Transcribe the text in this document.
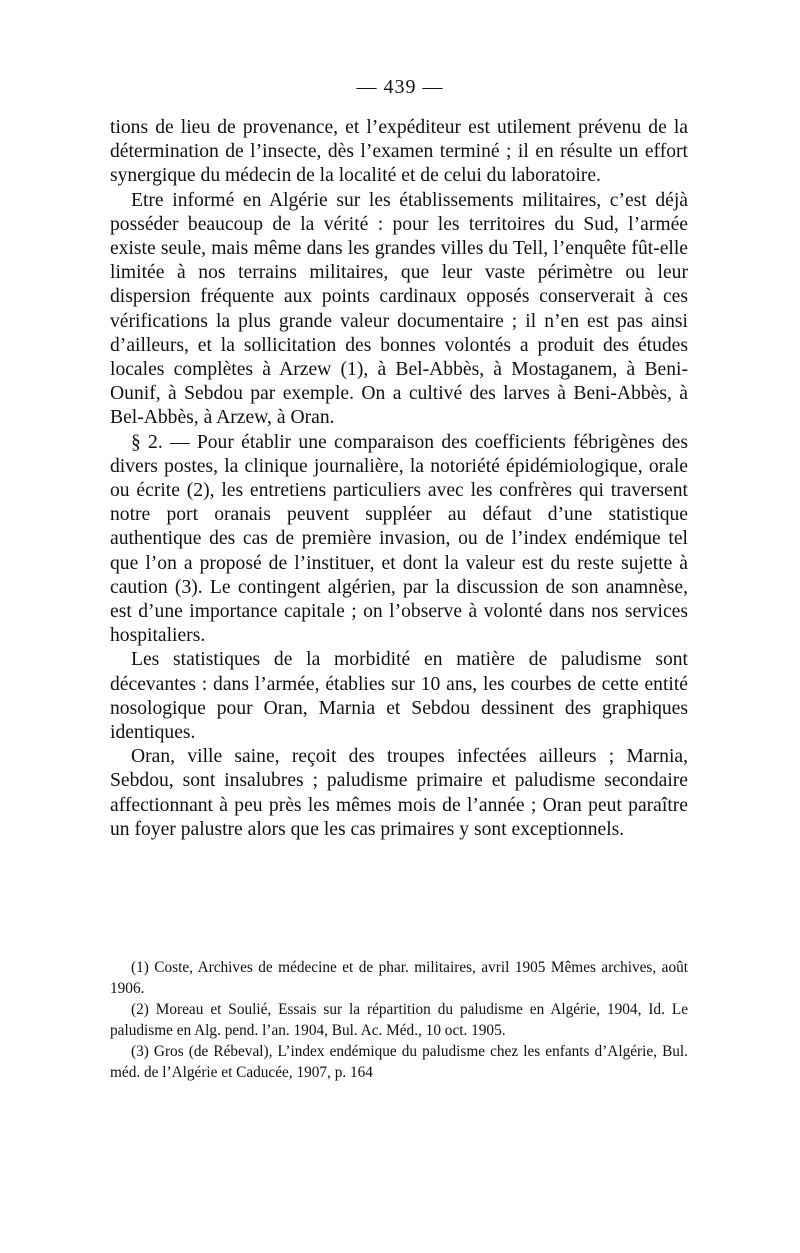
— 439 —

tions de lieu de provenance, et l’expéditeur est utilement prévenu de la détermination de l’insecte, dès l’examen terminé ; il en résulte un effort synergique du médecin de la localité et de celui du laboratoire.

Etre informé en Algérie sur les établissements militaires, c’est déjà posséder beaucoup de la vérité : pour les territoires du Sud, l’armée existe seule, mais même dans les grandes villes du Tell, l’enquête fût-elle limitée à nos terrains militaires, que leur vaste périmètre ou leur dispersion fréquente aux points cardinaux opposés conserverait à ces vérifications la plus grande valeur documentaire ; il n’en est pas ainsi d’ailleurs, et la sollicitation des bonnes volontés a produit des études locales complètes à Arzew (1), à Bel-Abbès, à Mostaganem, à Beni-Ounif, à Sebdou par exemple. On a cultivé des larves à Beni-Abbès, à Bel-Abbès, à Arzew, à Oran.

§ 2. — Pour établir une comparaison des coefficients fébrigènes des divers postes, la clinique journalière, la notoriété épidémiologique, orale ou écrite (2), les entretiens particuliers avec les confrères qui traversent notre port oranais peuvent suppléer au défaut d’une statistique authentique des cas de première invasion, ou de l’index endémique tel que l’on a proposé de l’instituer, et dont la valeur est du reste sujette à caution (3). Le contingent algérien, par la discussion de son anamnèse, est d’une importance capitale ; on l’observe à volonté dans nos services hospitaliers.

Les statistiques de la morbidité en matière de paludisme sont décevantes : dans l’armée, établies sur 10 ans, les courbes de cette entité nosologique pour Oran, Marnia et Sebdou dessinent des graphiques identiques.

Oran, ville saine, reçoit des troupes infectées ailleurs ; Marnia, Sebdou, sont insalubres ; paludisme primaire et paludisme secondaire affectionnant à peu près les mêmes mois de l’année ; Oran peut paraître un foyer palustre alors que les cas primaires y sont exceptionnels.

(1) Coste, Archives de médecine et de phar. militaires, avril 1905 Mêmes archives, août 1906.

(2) Moreau et Soulié, Essais sur la répartition du paludisme en Algérie, 1904, Id. Le paludisme en Alg. pend. l’an. 1904, Bul. Ac. Méd., 10 oct. 1905.

(3) Gros (de Rébeval), L’index endémique du paludisme chez les enfants d’Algérie, Bul. méd. de l’Algérie et Caducée, 1907, p. 164
